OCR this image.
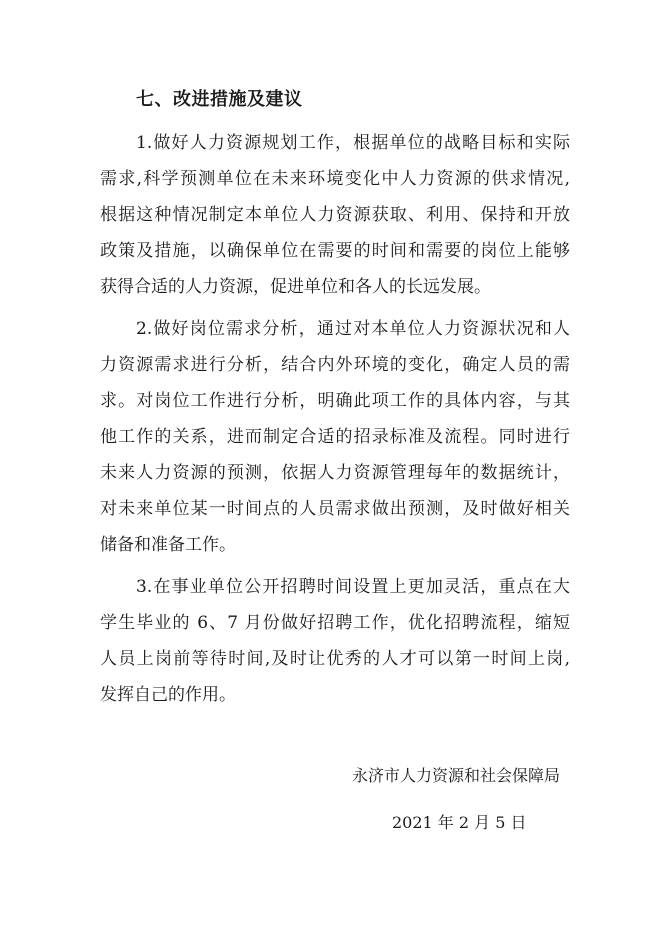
七、改进措施及建议
1.做好人力资源规划工作，根据单位的战略目标和实际
需求,科学预测单位在未来环境变化中人力资源的供求情况,
根据这种情况制定本单位人力资源获取、利用、保持和开放
政策及措施，以确保单位在需要的时间和需要的岗位上能够
获得合适的人力资源，促进单位和各人的长远发展。
2.做好岗位需求分析，通过对本单位人力资源状况和人
力资源需求进行分析，结合内外环境的变化，确定人员的需
求。对岗位工作进行分析，明确此项工作的具体内容，与其
他工作的关系，进而制定合适的招录标准及流程。同时进行
未来人力资源的预测，依据人力资源管理每年的数据统计，
对未来单位某一时间点的人员需求做出预测，及时做好相关
储备和准备工作。
3.在事业单位公开招聘时间设置上更加灵活，重点在大
学生毕业的 6、7 月份做好招聘工作，优化招聘流程，缩短
人员上岗前等待时间,及时让优秀的人才可以第一时间上岗,
发挥自己的作用。
永济市人力资源和社会保障局
2021 年 2 月 5 日
